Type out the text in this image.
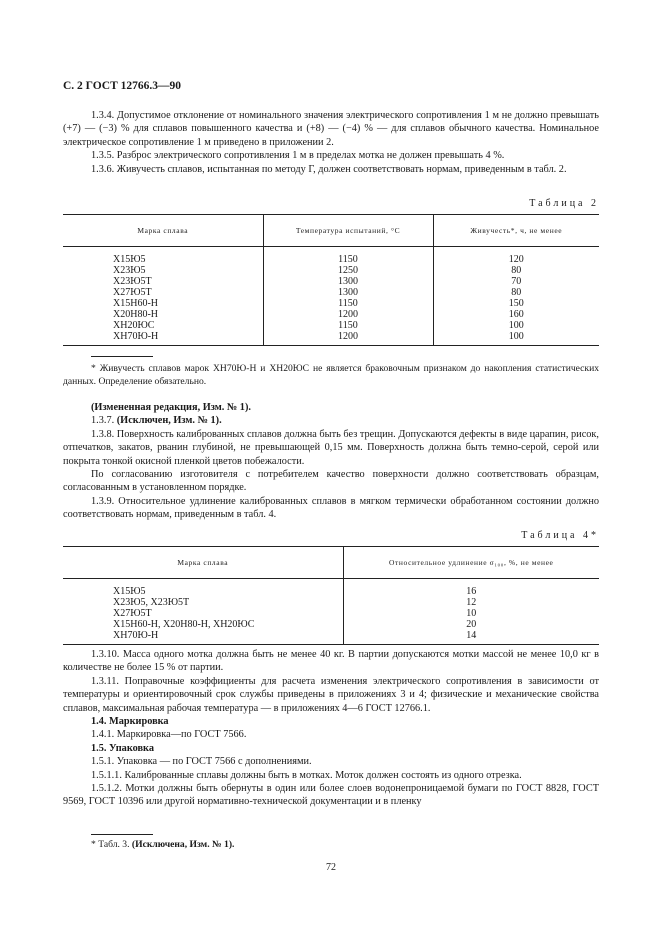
С. 2 ГОСТ 12766.3—90

1.3.4. Допустимое отклонение от номинального значения электрического сопротивления 1 м не должно превышать (+7) — (−3) % для сплавов повышенного качества и (+8) — (−4) % — для сплавов обычного качества. Номинальное электрическое сопротивление 1 м приведено в приложении 2.

1.3.5. Разброс электрического сопротивления 1 м в пределах мотка не должен превышать 4 %.

1.3.6. Живучесть сплавов, испытанная по методу Г, должен соответствовать нормам, приведенным в табл. 2.

Таблица 2
Марка сплава	Температура испытаний, °С	Живучесть*, ч, не менее
Х15Ю5	1150	120
Х23Ю5	1250	80
Х23Ю5Т	1300	70
Х27Ю5Т	1300	80
Х15Н60-Н	1150	150
Х20Н80-Н	1200	160
ХН20ЮС	1150	100
ХН70Ю-Н	1200	100

* Живучесть сплавов марок ХН70Ю-Н и ХН20ЮС не является браковочным признаком до накопления статистических данных. Определение обязательно.

(Измененная редакция, Изм. № 1).

1.3.7. (Исключен, Изм. № 1).

1.3.8. Поверхность калиброванных сплавов должна быть без трещин. Допускаются дефекты в виде царапин, рисок, отпечатков, закатов, рванин глубиной, не превышающей 0,15 мм. Поверхность должна быть темно-серой, серой или покрыта тонкой окисной пленкой цветов побежалости.

По согласованию изготовителя с потребителем качество поверхности должно соответствовать образцам, согласованным в установленном порядке.

1.3.9. Относительное удлинение калиброванных сплавов в мягком термически обработанном состоянии должно соответствовать нормам, приведенным в табл. 4.

Таблица 4*
Марка сплава	Относительное удлинение σ₁₀₀, %, не менее
Х15Ю5	16
Х23Ю5, Х23Ю5Т	12
Х27Ю5Т	10
Х15Н60-Н, Х20Н80-Н, ХН20ЮС	20
ХН70Ю-Н	14

1.3.10. Масса одного мотка должна быть не менее 40 кг. В партии допускаются мотки массой не менее 10,0 кг в количестве не более 15 % от партии.

1.3.11. Поправочные коэффициенты для расчета изменения электрического сопротивления в зависимости от температуры и ориентировочный срок службы приведены в приложениях 3 и 4; физические и механические свойства сплавов, максимальная рабочая температура — в приложениях 4—6 ГОСТ 12766.1.

1.4. Маркировка

1.4.1. Маркировка—по ГОСТ 7566.

1.5. Упаковка

1.5.1. Упаковка — по ГОСТ 7566 с дополнениями.

1.5.1.1. Калиброванные сплавы должны быть в мотках. Моток должен состоять из одного отрезка.

1.5.1.2. Мотки должны быть обернуты в один или более слоев водонепроницаемой бумаги по ГОСТ 8828, ГОСТ 9569, ГОСТ 10396 или другой нормативно-технической документации и в пленку

* Табл. 3. (Исключена, Изм. № 1).

72
